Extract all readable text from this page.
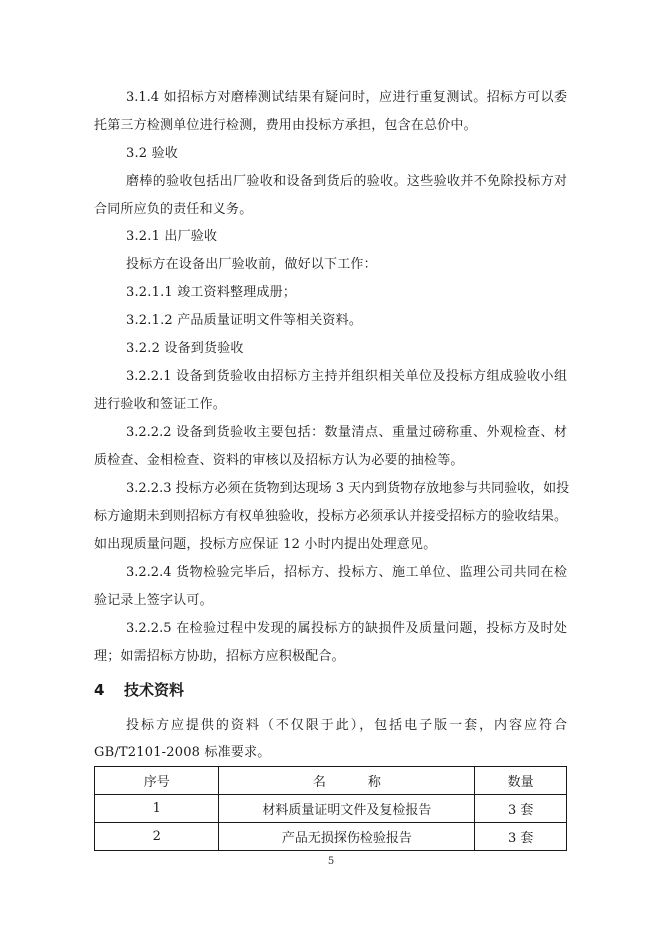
3.1.4 如招标方对磨棒测试结果有疑问时，应进行重复测试。招标方可以委
托第三方检测单位进行检测，费用由投标方承担，包含在总价中。
3.2 验收
磨棒的验收包括出厂验收和设备到货后的验收。这些验收并不免除投标方对
合同所应负的责任和义务。
3.2.1 出厂验收
投标方在设备出厂验收前，做好以下工作：
3.2.1.1 竣工资料整理成册；
3.2.1.2 产品质量证明文件等相关资料。
3.2.2 设备到货验收
3.2.2.1 设备到货验收由招标方主持并组织相关单位及投标方组成验收小组
进行验收和签证工作。
3.2.2.2 设备到货验收主要包括：数量清点、重量过磅称重、外观检查、材
质检查、金相检查、资料的审核以及招标方认为必要的抽检等。
3.2.2.3 投标方必须在货物到达现场 3 天内到货物存放地参与共同验收，如投
标方逾期未到则招标方有权单独验收，投标方必须承认并接受招标方的验收结果。
如出现质量问题，投标方应保证 12 小时内提出处理意见。
3.2.2.4 货物检验完毕后，招标方、投标方、施工单位、监理公司共同在检
验记录上签字认可。
3.2.2.5 在检验过程中发现的属投标方的缺损件及质量问题，投标方及时处
理；如需招标方协助，招标方应积极配合。
4 技术资料
投标方应提供的资料（不仅限于此），包括电子版一套，内容应符合
GB/T2101-2008 标准要求。
序号	名 称	数量
1	材料质量证明文件及复检报告	3 套
2	产品无损探伤检验报告	3 套
5
